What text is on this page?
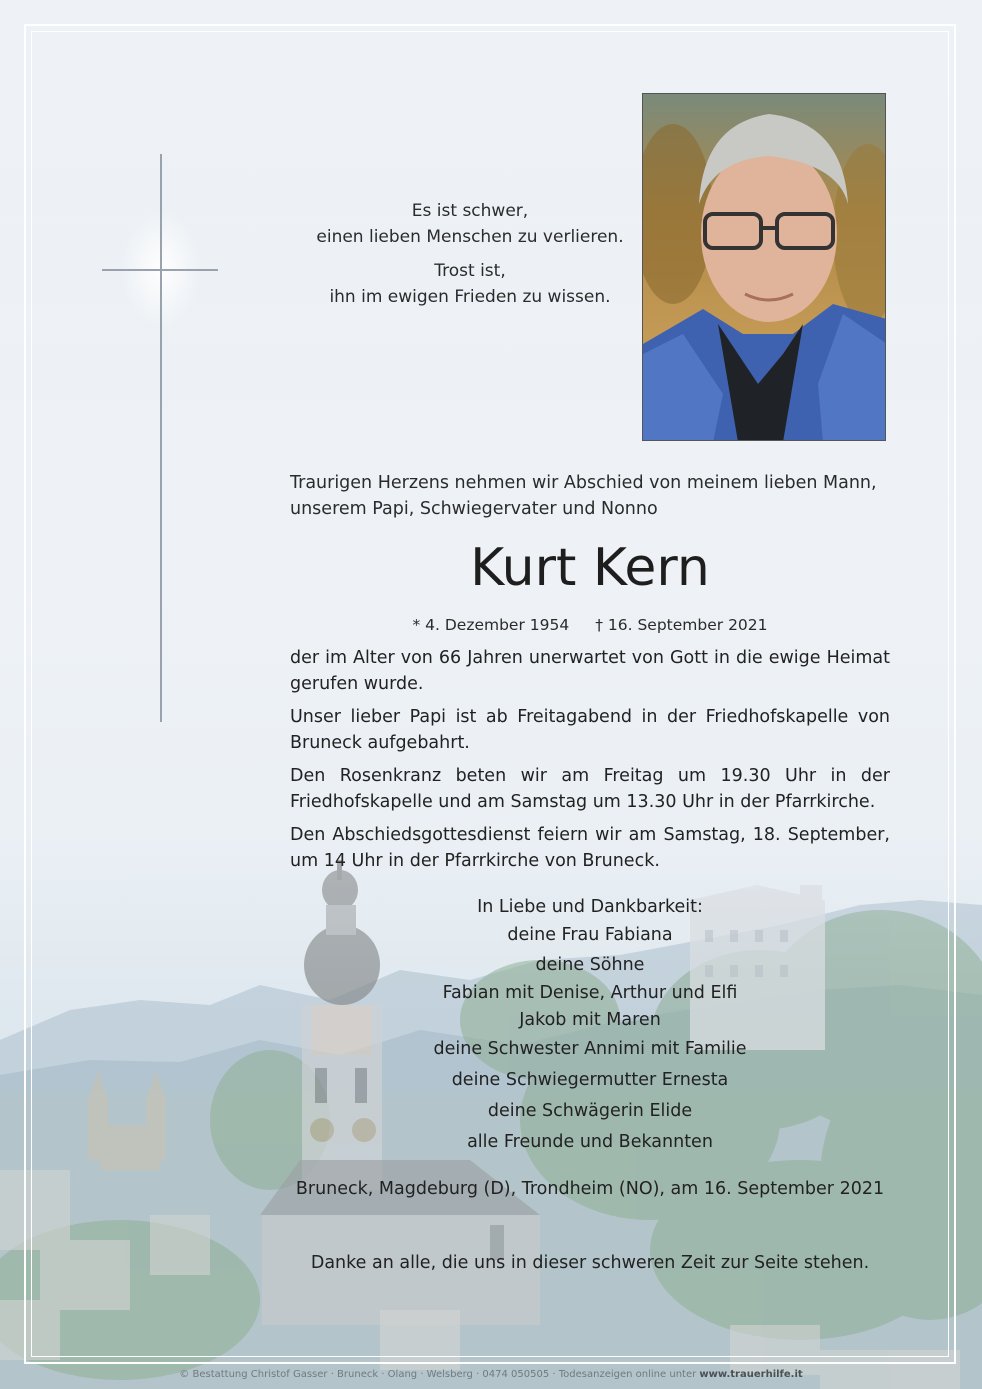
Es ist schwer,
einen lieben Menschen zu verlieren.
Trost ist,
ihn im ewigen Frieden zu wissen.
Traurigen Herzens nehmen wir Abschied von meinem lieben Mann,
unserem Papi, Schwiegervater und Nonno
Kurt Kern
* 4. Dezember 1954 † 16. September 2021

der im Alter von 66 Jahren unerwartet von Gott in die ewige Heimat gerufen wurde.

Unser lieber Papi ist ab Freitagabend in der Friedhofskapelle von Bruneck aufgebahrt.

Den Rosenkranz beten wir am Freitag um 19.30 Uhr in der Friedhofskapelle und am Samstag um 13.30 Uhr in der Pfarrkirche.

Den Abschiedsgottesdienst feiern wir am Samstag, 18. September, um 14 Uhr in der Pfarrkirche von Bruneck.

In Liebe und Dankbarkeit:
deine Frau Fabiana
deine Söhne
Fabian mit Denise, Arthur und Elfi
Jakob mit Maren
deine Schwester Annimi mit Familie
deine Schwiegermutter Ernesta
deine Schwägerin Elide
alle Freunde und Bekannten
Bruneck, Magdeburg (D), Trondheim (NO), am 16. September 2021
Danke an alle, die uns in dieser schweren Zeit zur Seite stehen.
© Bestattung Christof Gasser · Bruneck · Olang · Welsberg · 0474 050505 · Todesanzeigen online unter www.trauerhilfe.it
